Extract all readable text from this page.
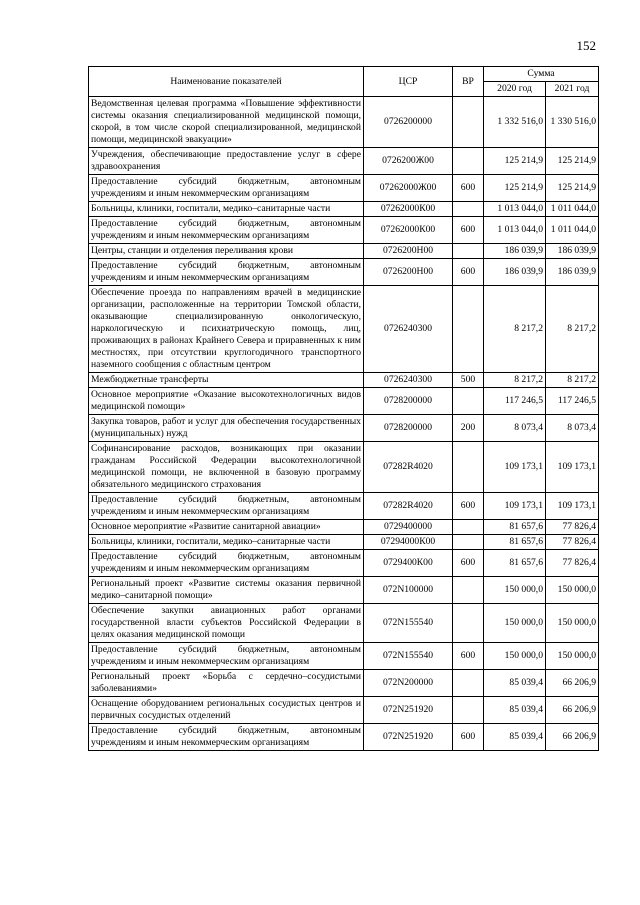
152
Наименование показателей	ЦСР	ВР	Сумма	
			2020 год	2021 год
Ведомственная целевая программа «Повышение эффективности системы оказания специализированной медицинской помощи, скорой, в том числе скорой специализированной, медицинской помощи, медицинской эвакуации»	0726200000		1 332 516,0	1 330 516,0
Учреждения, обеспечивающие предоставление услуг в сфере здравоохранения	0726200Ж00		125 214,9	125 214,9
Предоставление субсидий бюджетным, автономным учреждениям и иным некоммерческим организациям	07262000Ж00	600	125 214,9	125 214,9
Больницы, клиники, госпитали, медико–санитарные части	07262000К00		1 013 044,0	1 011 044,0
Предоставление субсидий бюджетным, автономным учреждениям и иным некоммерческим организациям	07262000К00	600	1 013 044,0	1 011 044,0
Центры, станции и отделения переливания крови	0726200Н00		186 039,9	186 039,9
Предоставление субсидий бюджетным, автономным учреждениям и иным некоммерческим организациям	0726200Н00	600	186 039,9	186 039,9
Обеспечение проезда по направлениям врачей в медицинские организации, расположенные на территории Томской области, оказывающие специализированную онкологическую, наркологическую и психиатрическую помощь, лиц, проживающих в районах Крайнего Севера и приравненных к ним местностях, при отсутствии круглогодичного транспортного наземного сообщения с областным центром	0726240300		8 217,2	8 217,2
Межбюджетные трансферты	0726240300	500	8 217,2	8 217,2
Основное мероприятие «Оказание высокотехнологичных видов медицинской помощи»	0728200000		117 246,5	117 246,5
Закупка товаров, работ и услуг для обеспечения государственных (муниципальных) нужд	0728200000	200	8 073,4	8 073,4
Софинансирование расходов, возникающих при оказании гражданам Российской Федерации высокотехнологичной медицинской помощи, не включенной в базовую программу обязательного медицинского страхования	07282R4020		109 173,1	109 173,1
Предоставление субсидий бюджетным, автономным учреждениям и иным некоммерческим организациям	07282R4020	600	109 173,1	109 173,1
Основное мероприятие «Развитие санитарной авиации»	0729400000		81 657,6	77 826,4
Больницы, клиники, госпитали, медико–санитарные части	07294000К00		81 657,6	77 826,4
Предоставление субсидий бюджетным, автономным учреждениям и иным некоммерческим организациям	0729400К00	600	81 657,6	77 826,4
Региональный проект «Развитие системы оказания первичной медико–санитарной помощи»	072N100000		150 000,0	150 000,0
Обеспечение закупки авиационных работ органами государственной власти субъектов Российской Федерации в целях оказания медицинской помощи	072N155540		150 000,0	150 000,0
Предоставление субсидий бюджетным, автономным учреждениям и иным некоммерческим организациям	072N155540	600	150 000,0	150 000,0
Региональный проект «Борьба с сердечно–сосудистыми заболеваниями»	072N200000		85 039,4	66 206,9
Оснащение оборудованием региональных сосудистых центров и первичных сосудистых отделений	072N251920		85 039,4	66 206,9
Предоставление субсидий бюджетным, автономным учреждениям и иным некоммерческим организациям	072N251920	600	85 039,4	66 206,9
